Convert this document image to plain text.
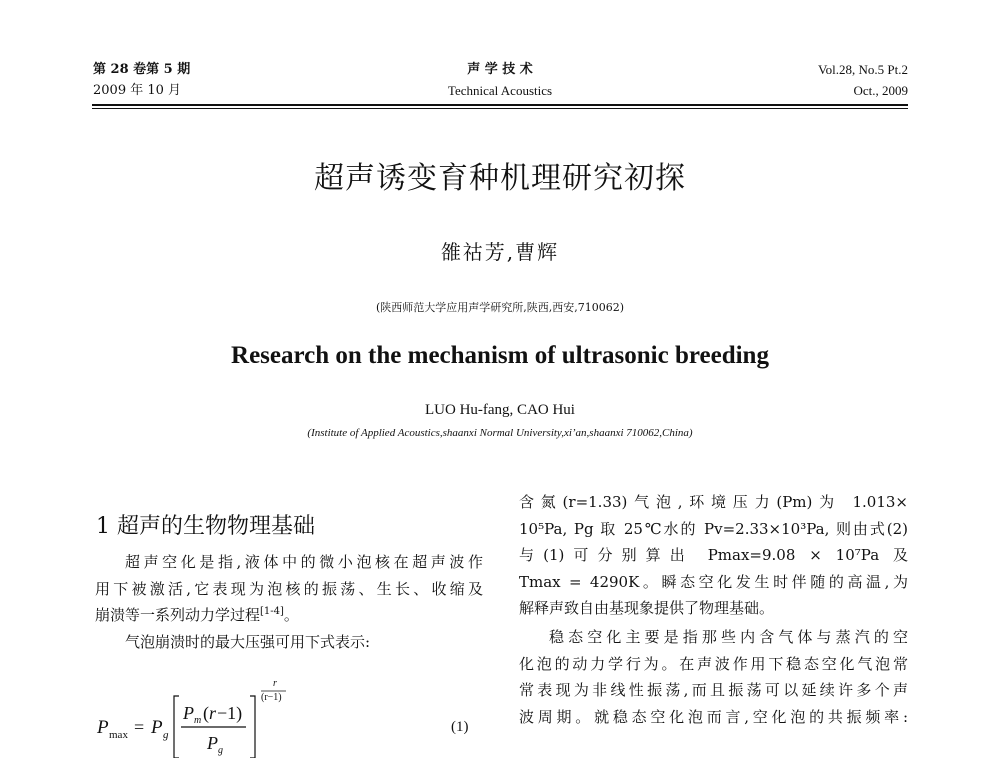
第 28 卷第 5 期
2009 年 10 月
声 学 技 术
Technical Acoustics
Vol.28, No.5 Pt.2
Oct., 2009
超声诱变育种机理研究初探
雒祜芳,曹辉
(陕西师范大学应用声学研究所,陕西,西安,710062)
Research on the mechanism of ultrasonic breeding
LUO Hu-fang, CAO Hui
(Institute of Applied Acoustics,shaanxi Normal University,xi’an,shaanxi 710062,China)
1 超声的生物物理基础

超声空化是指,液体中的微小泡核在超声波作

用下被激活,它表现为泡核的振荡、生长、收缩及

崩溃等一系列动力学过程[1-4]。

气泡崩溃时的最大压强可用下式表示:

P max = P g
P m ( r −1)
P g
r
(r−1)
(1)

含氮(r=1.33)气泡,环境压力(Pm)为 1.013×

10⁵Pa, Pg 取 25℃水的 Pv=2.33×10³Pa, 则由式(2)

与(1)可分别算出 Pmax=9.08 × 10⁷Pa 及

Tmax = 4290K。瞬态空化发生时伴随的高温,为

解释声致自由基现象提供了物理基础。

稳态空化主要是指那些内含气体与蒸汽的空

化泡的动力学行为。在声波作用下稳态空化气泡常

常表现为非线性振荡,而且振荡可以延续许多个声

波周期。就稳态空化泡而言,空化泡的共振频率:
